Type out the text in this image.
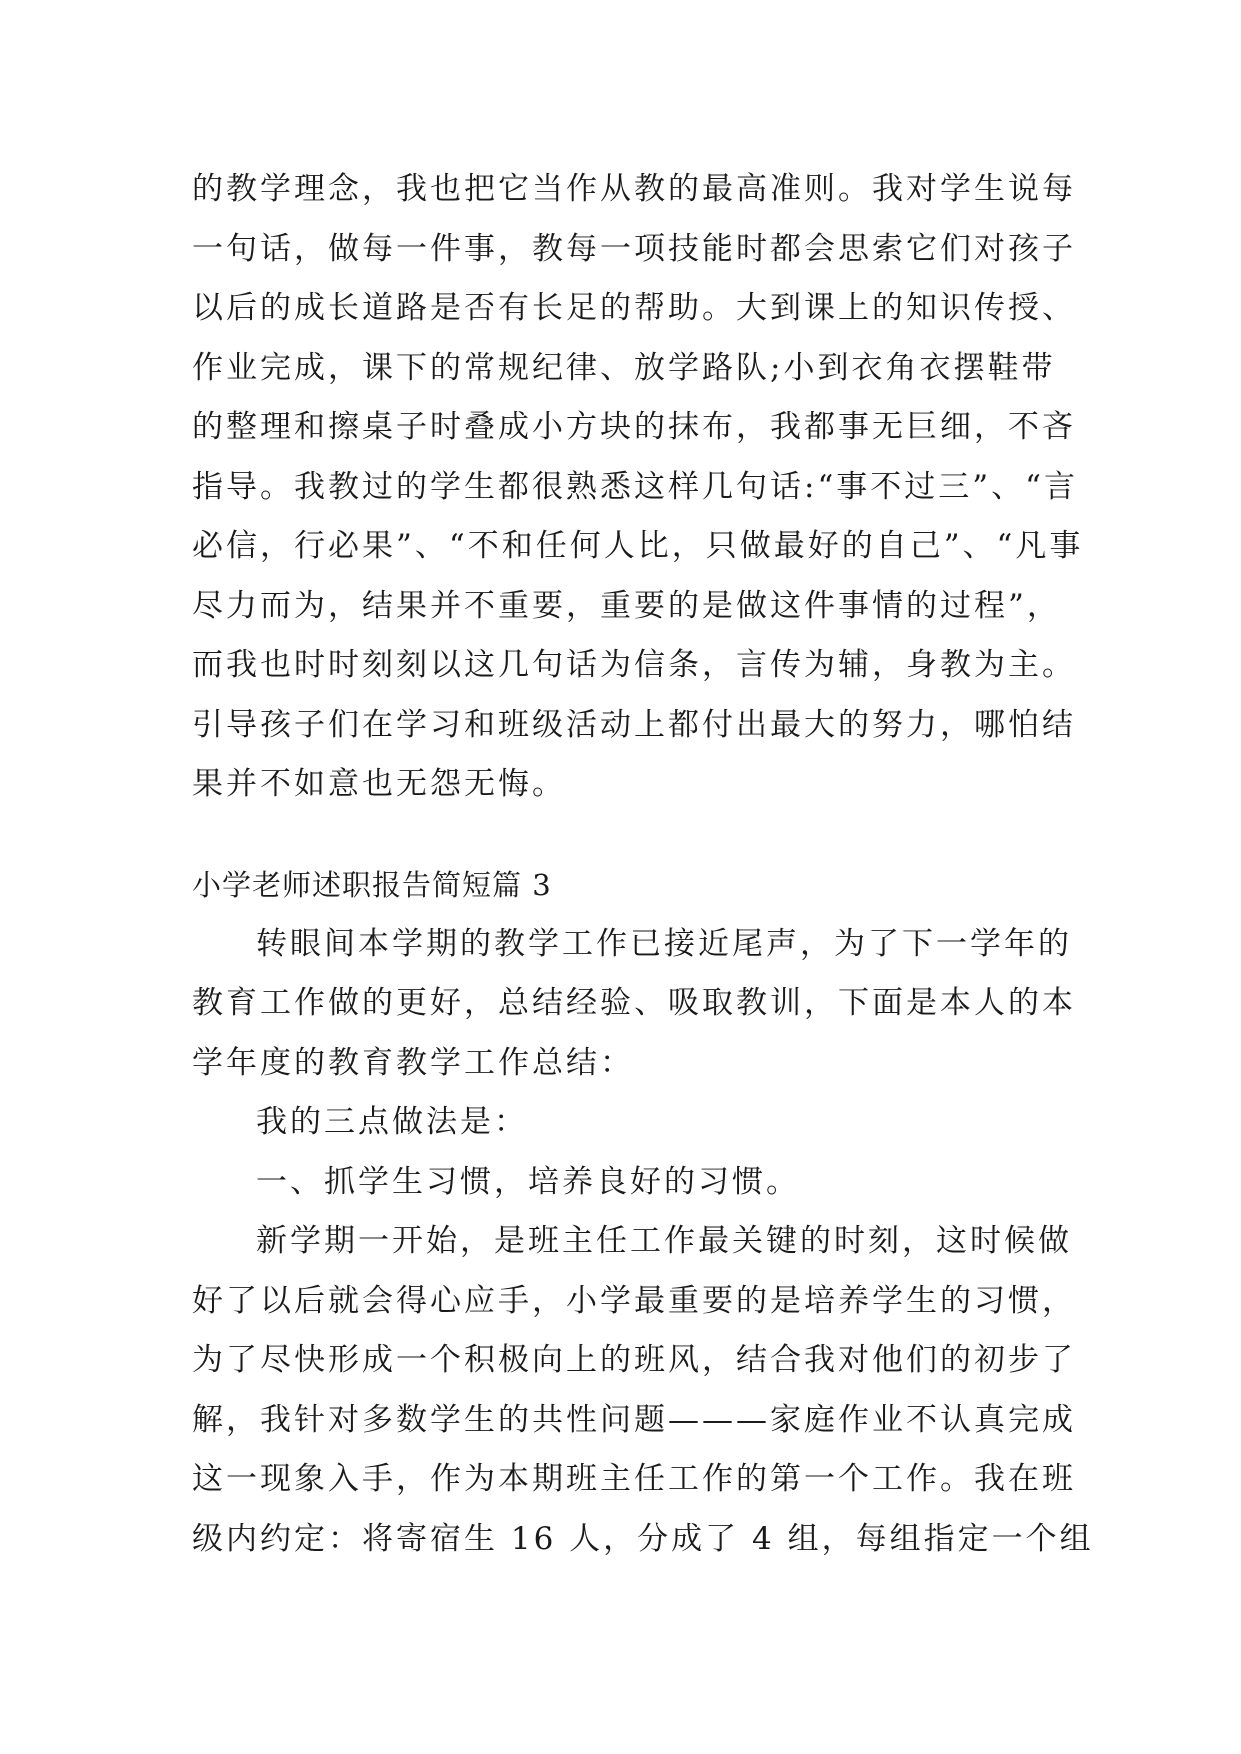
的教学理念，我也把它当作从教的最高准则。我对学生说每
一句话，做每一件事，教每一项技能时都会思索它们对孩子
以后的成长道路是否有长足的帮助。大到课上的知识传授、
作业完成，课下的常规纪律、放学路队;小到衣角衣摆鞋带
的整理和擦桌子时叠成小方块的抹布，我都事无巨细，不吝
指导。我教过的学生都很熟悉这样几句话:“事不过三”、“言
必信，行必果”、“不和任何人比，只做最好的自己”、“凡事
尽力而为，结果并不重要，重要的是做这件事情的过程”，
而我也时时刻刻以这几句话为信条，言传为辅，身教为主。
引导孩子们在学习和班级活动上都付出最大的努力，哪怕结
果并不如意也无怨无悔。
小学老师述职报告简短篇 3
转眼间本学期的教学工作已接近尾声，为了下一学年的
教育工作做的更好，总结经验、吸取教训，下面是本人的本
学年度的教育教学工作总结：
我的三点做法是：
一、抓学生习惯，培养良好的习惯。
新学期一开始，是班主任工作最关键的时刻，这时候做
好了以后就会得心应手，小学最重要的是培养学生的习惯，
为了尽快形成一个积极向上的班风，结合我对他们的初步了
解，我针对多数学生的共性问题———家庭作业不认真完成
这一现象入手，作为本期班主任工作的第一个工作。我在班
级内约定：将寄宿生 16 人，分成了 4 组，每组指定一个组
